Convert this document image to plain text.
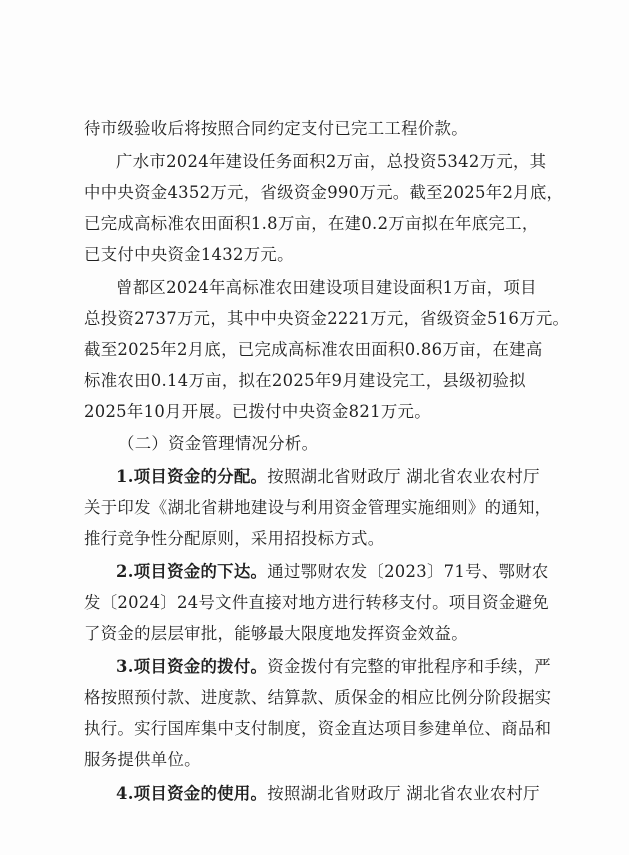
待市级验收后将按照合同约定支付已完工工程价款。
广水市2024年建设任务面积2万亩，总投资5342万元，其
中中央资金4352万元，省级资金990万元。截至2025年2月底，
已完成高标准农田面积1.8万亩，在建0.2万亩拟在年底完工，
已支付中央资金1432万元。
曾都区2024年高标准农田建设项目建设面积1万亩，项目
总投资2737万元，其中中央资金2221万元，省级资金516万元。
截至2025年2月底，已完成高标准农田面积0.86万亩，在建高
标准农田0.14万亩，拟在2025年9月建设完工，县级初验拟
2025年10月开展。已拨付中央资金821万元。
（二）资金管理情况分析。
1.项目资金的分配。按照湖北省财政厅 湖北省农业农村厅
关于印发《湖北省耕地建设与利用资金管理实施细则》的通知，
推行竞争性分配原则，采用招投标方式。
2.项目资金的下达。通过鄂财农发〔2023〕71号、鄂财农
发〔2024〕24号文件直接对地方进行转移支付。项目资金避免
了资金的层层审批，能够最大限度地发挥资金效益。
3.项目资金的拨付。资金拨付有完整的审批程序和手续，严
格按照预付款、进度款、结算款、质保金的相应比例分阶段据实
执行。实行国库集中支付制度，资金直达项目参建单位、商品和
服务提供单位。
4.项目资金的使用。按照湖北省财政厅 湖北省农业农村厅
